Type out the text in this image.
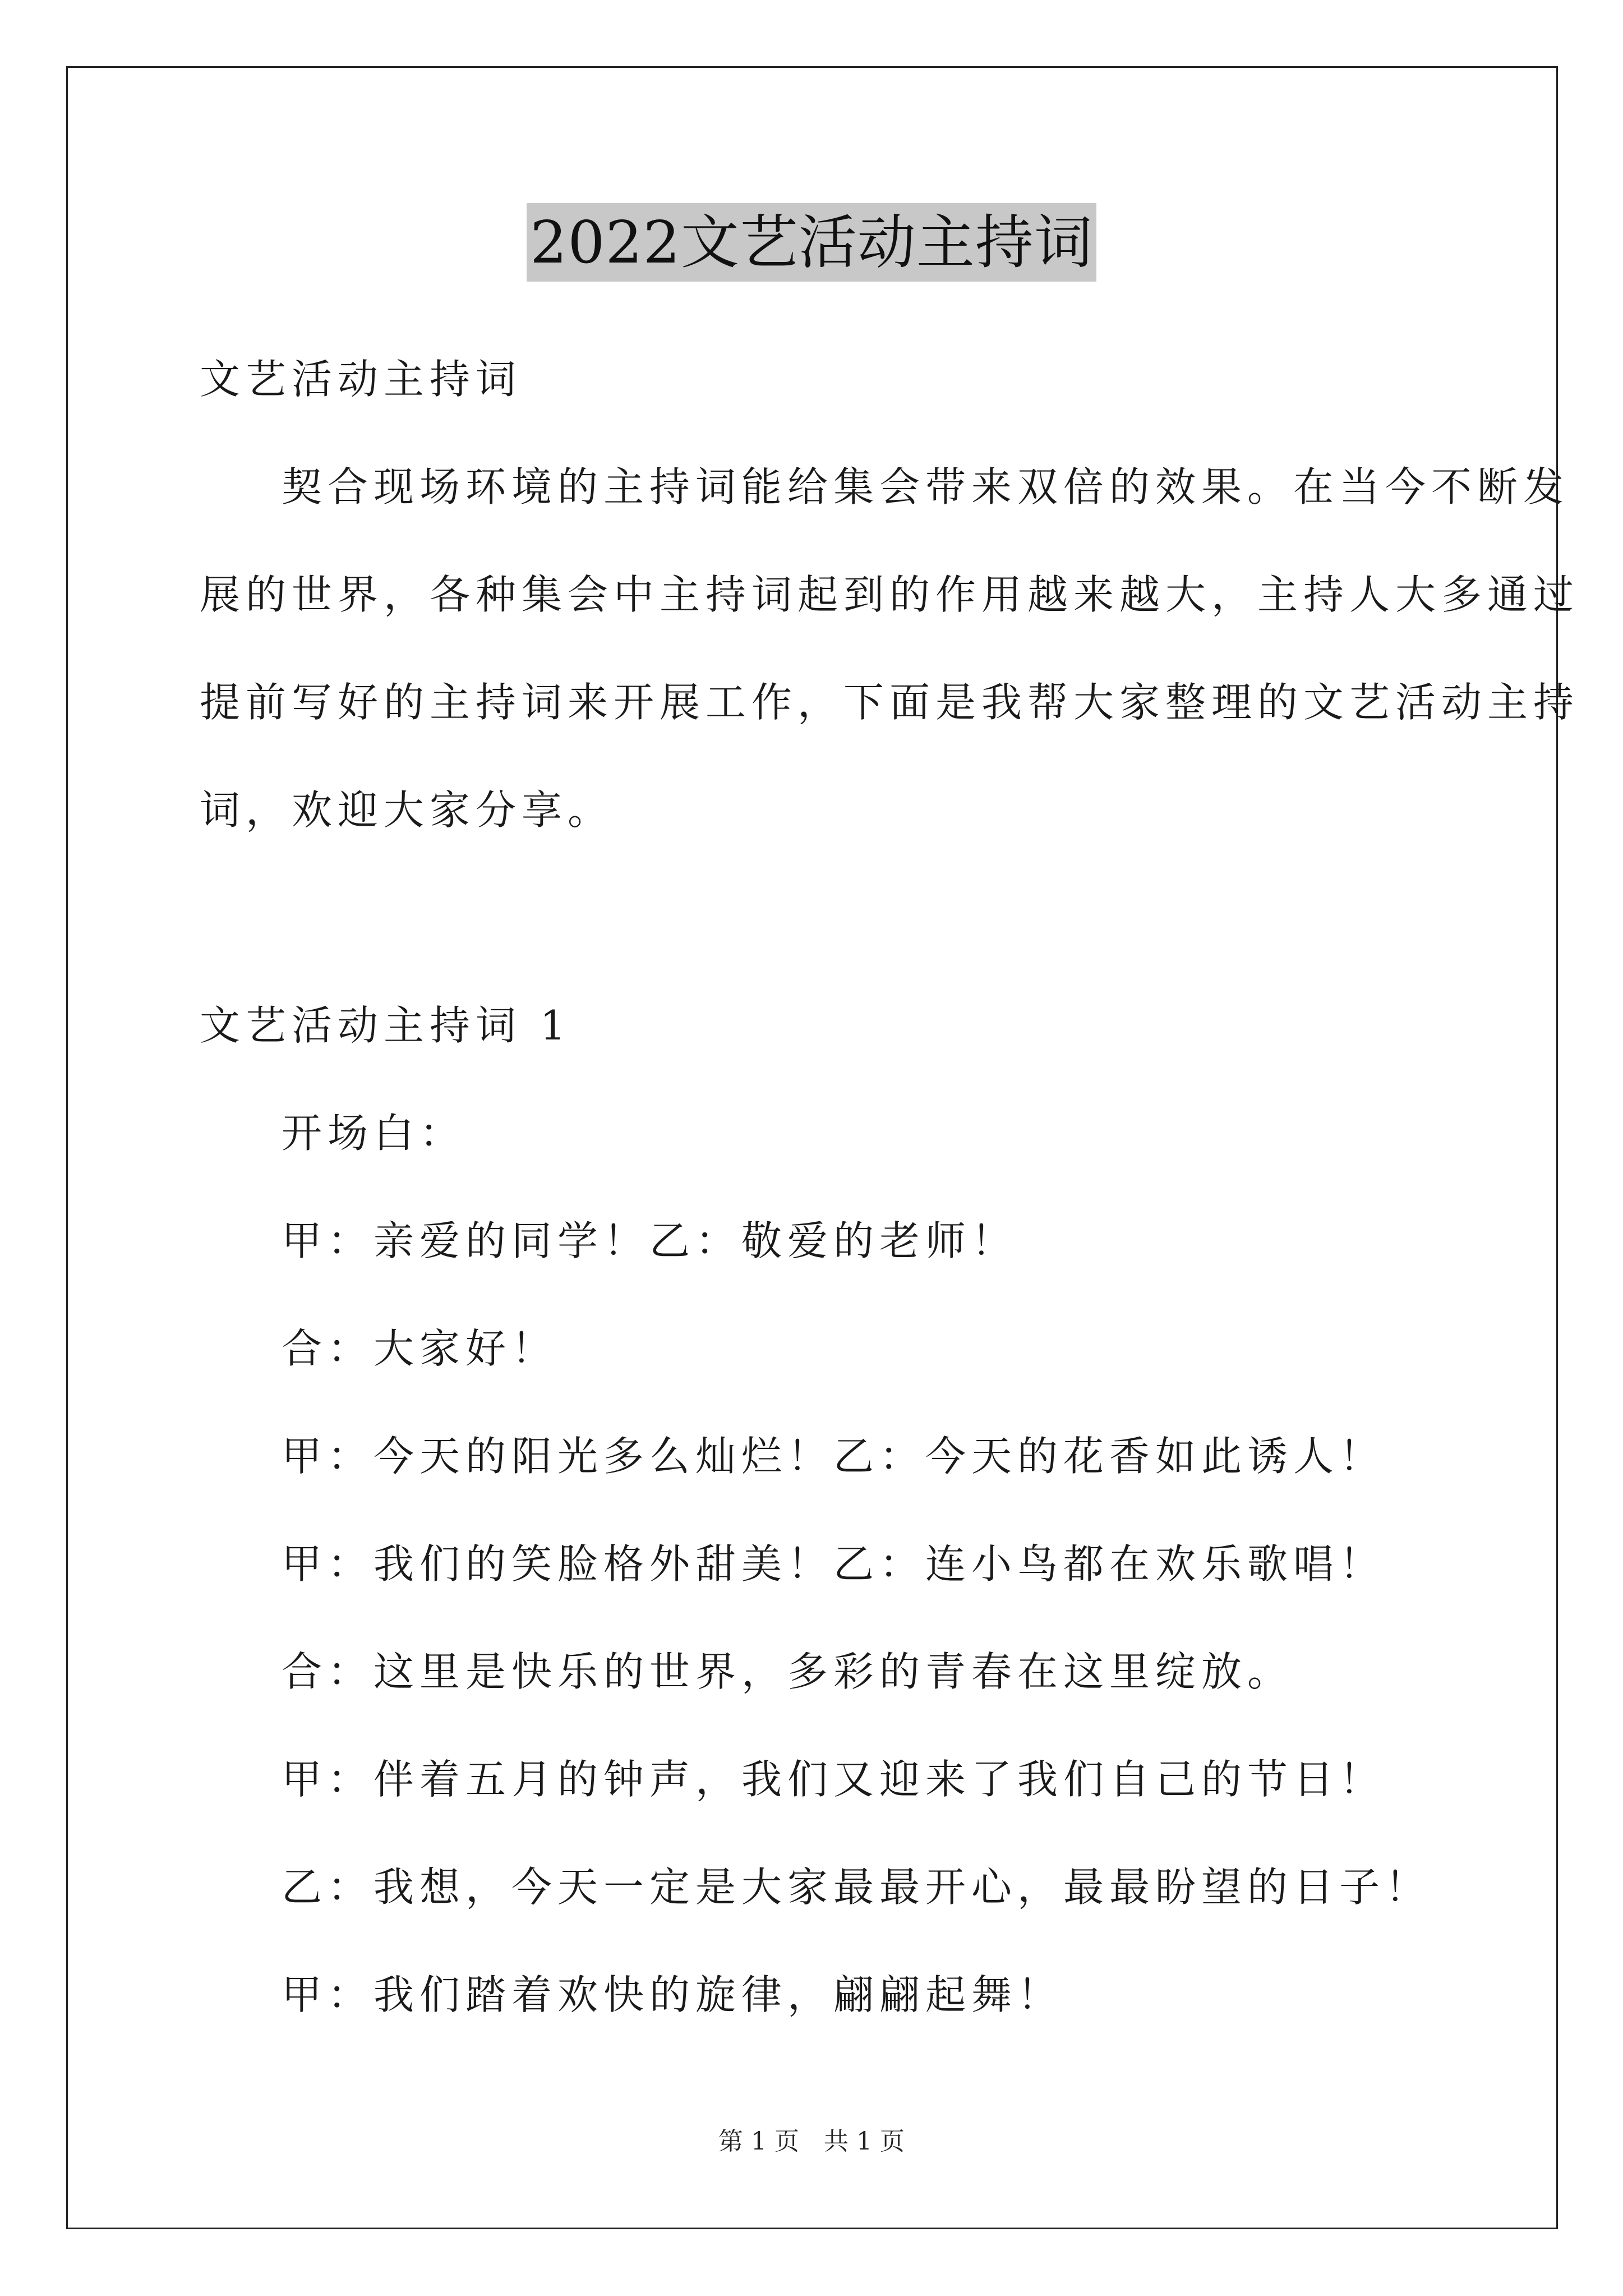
2022文艺活动主持词
文艺活动主持词
契合现场环境的主持词能给集会带来双倍的效果。在当今不断发
展的世界，各种集会中主持词起到的作用越来越大，主持人大多通过
提前写好的主持词来开展工作，下面是我帮大家整理的文艺活动主持
词，欢迎大家分享。
文艺活动主持词 1
开场白：
甲：亲爱的同学！乙：敬爱的老师！
合：大家好！
甲：今天的阳光多么灿烂！乙：今天的花香如此诱人！
甲：我们的笑脸格外甜美！乙：连小鸟都在欢乐歌唱！
合：这里是快乐的世界，多彩的青春在这里绽放。
甲：伴着五月的钟声，我们又迎来了我们自己的节日！
乙：我想，今天一定是大家最最开心，最最盼望的日子！
甲：我们踏着欢快的旋律，翩翩起舞！
第 1 页　共 1 页
